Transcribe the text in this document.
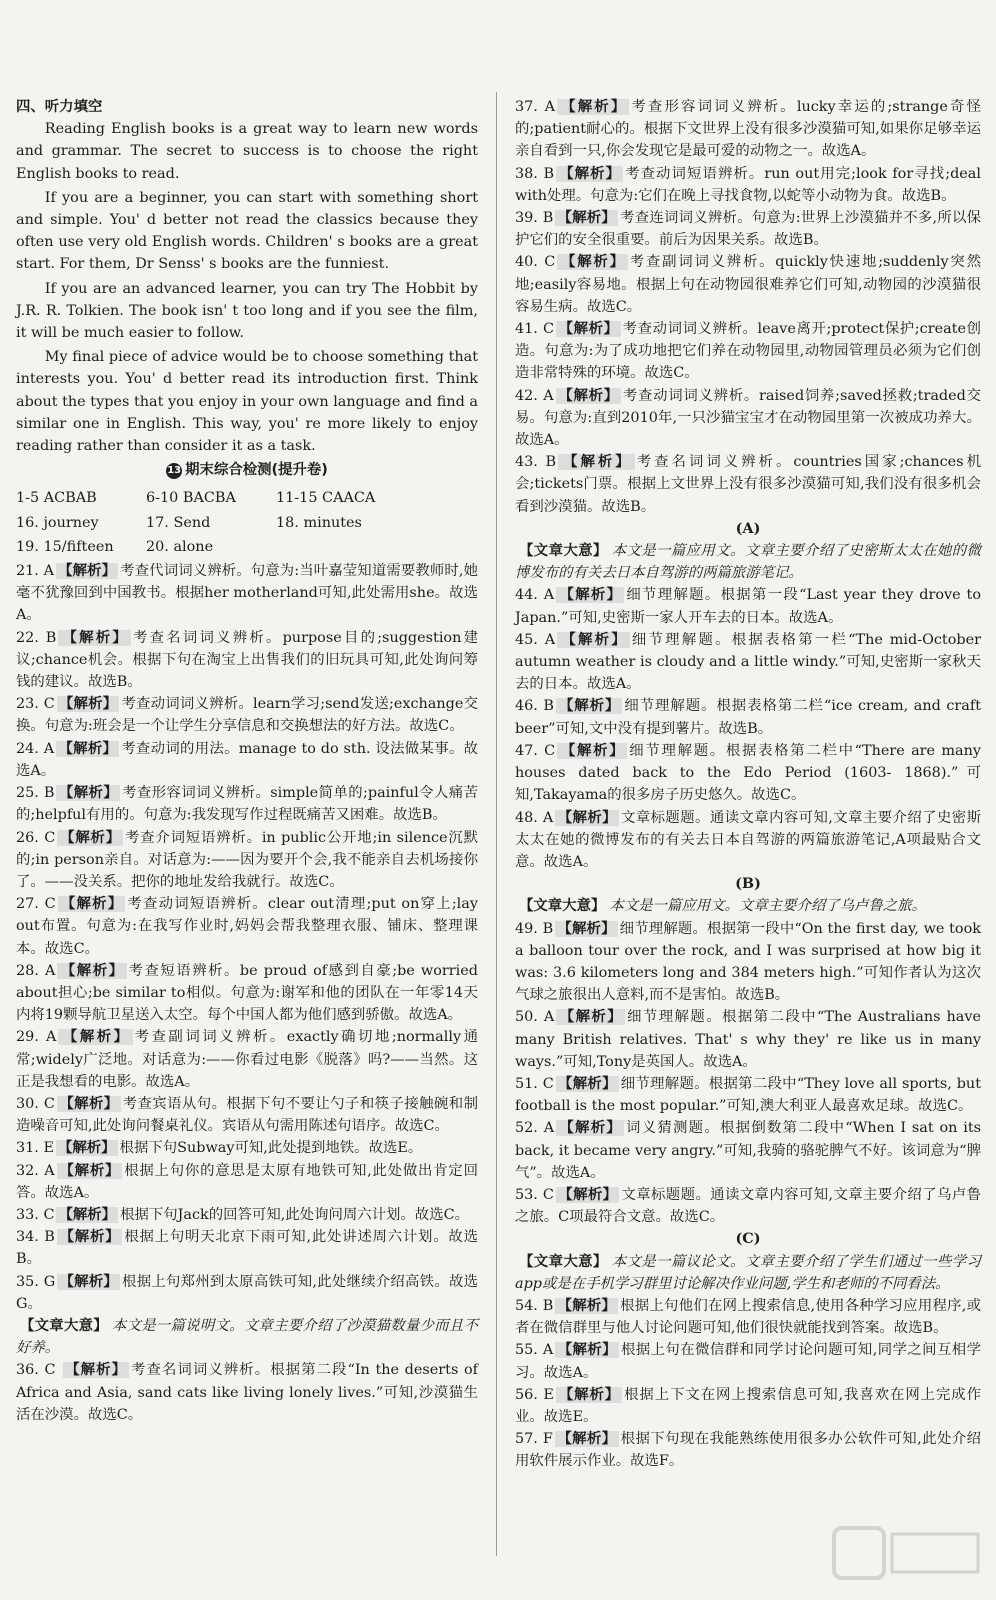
四、听力填空

Reading English books is a great way to learn new words and grammar. The secret to success is to choose the right English books to read.

If you are a beginner, you can start with something short and simple. You' d better not read the classics because they often use very old English words. Children' s books are a great start. For them, Dr Senss' s books are the funniest.

If you are an advanced learner, you can try The Hobbit by J.R. R. Tolkien. The book isn' t too long and if you see the film, it will be much easier to follow.

My final piece of advice would be to choose something that interests you. You' d better read its introduction first. Think about the types that you enjoy in your own language and find a similar one in English. This way, you' re more likely to enjoy reading rather than consider it as a task.

13 期末综合检测(提升卷)

1-5 ACBAB	6-10 BACBA	11-15 CAACA
16. journey	17. Send	18. minutes
19. 15/fifteen	20. alone

21. A 【解析】 考查代词词义辨析。句意为:当叶嘉莹知道需要教师时,她毫不犹豫回到中国教书。根据her motherland可知,此处需用she。故选A。

22. B 【解析】 考查名词词义辨析。purpose目的;suggestion建议;chance机会。根据下句在淘宝上出售我们的旧玩具可知,此处询问筹钱的建议。故选B。

23. C 【解析】 考查动词词义辨析。learn学习;send发送;exchange交换。句意为:班会是一个让学生分享信息和交换想法的好方法。故选C。

24. A 【解析】 考查动词的用法。manage to do sth. 设法做某事。故选A。

25. B 【解析】 考查形容词词义辨析。simple简单的;painful令人痛苦的;helpful有用的。句意为:我发现写作过程既痛苦又困难。故选B。

26. C 【解析】 考查介词短语辨析。in public公开地;in silence沉默的;in person亲自。对话意为:——因为要开个会,我不能亲自去机场接你了。——没关系。把你的地址发给我就行。故选C。

27. C 【解析】 考查动词短语辨析。clear out清理;put on穿上;lay out布置。句意为:在我写作业时,妈妈会帮我整理衣服、铺床、整理课本。故选C。

28. A 【解析】 考查短语辨析。be proud of感到自豪;be worried about担心;be similar to相似。句意为:谢军和他的团队在一年零14天内将19颗导航卫星送入太空。每个中国人都为他们感到骄傲。故选A。

29. A 【解析】 考查副词词义辨析。exactly确切地;normally通常;widely广泛地。对话意为:——你看过电影《脱落》吗?——当然。这正是我想看的电影。故选A。

30. C 【解析】 考查宾语从句。根据下句不要让勺子和筷子接触碗和制造噪音可知,此处询问餐桌礼仪。宾语从句需用陈述句语序。故选C。

31. E 【解析】 根据下句Subway可知,此处提到地铁。故选E。

32. A 【解析】 根据上句你的意思是太原有地铁可知,此处做出肯定回答。故选A。

33. C 【解析】 根据下句Jack的回答可知,此处询问周六计划。故选C。

34. B 【解析】 根据上句明天北京下雨可知,此处讲述周六计划。故选B。

35. G 【解析】 根据上句郑州到太原高铁可知,此处继续介绍高铁。故选G。

【文章大意】 本文是一篇说明文。文章主要介绍了沙漠猫数量少而且不好养。

36. C 【解析】 考查名词词义辨析。根据第二段“In the deserts of Africa and Asia, sand cats like living lonely lives.”可知,沙漠猫生活在沙漠。故选C。

37. A 【解析】 考查形容词词义辨析。lucky幸运的;strange奇怪的;patient耐心的。根据下文世界上没有很多沙漠猫可知,如果你足够幸运亲自看到一只,你会发现它是最可爱的动物之一。故选A。

38. B 【解析】 考查动词短语辨析。run out用完;look for寻找;deal with处理。句意为:它们在晚上寻找食物,以蛇等小动物为食。故选B。

39. B 【解析】 考查连词词义辨析。句意为:世界上沙漠猫并不多,所以保护它们的安全很重要。前后为因果关系。故选B。

40. C 【解析】 考查副词词义辨析。quickly快速地;suddenly突然地;easily容易地。根据上句在动物园很难养它们可知,动物园的沙漠猫很容易生病。故选C。

41. C 【解析】 考查动词词义辨析。leave离开;protect保护;create创造。句意为:为了成功地把它们养在动物园里,动物园管理员必须为它们创造非常特殊的环境。故选C。

42. A 【解析】 考查动词词义辨析。raised饲养;saved拯救;traded交易。句意为:直到2010年,一只沙猫宝宝才在动物园里第一次被成功养大。故选A。

43. B 【解析】 考查名词词义辨析。countries国家;chances机会;tickets门票。根据上文世界上没有很多沙漠猫可知,我们没有很多机会看到沙漠猫。故选B。

(A)

【文章大意】 本文是一篇应用文。文章主要介绍了史密斯太太在她的微博发布的有关去日本自驾游的两篇旅游笔记。

44. A 【解析】 细节理解题。根据第一段“Last year they drove to Japan.”可知,史密斯一家人开车去的日本。故选A。

45. A 【解析】 细节理解题。根据表格第一栏“The mid-October autumn weather is cloudy and a little windy.”可知,史密斯一家秋天去的日本。故选A。

46. B 【解析】 细节理解题。根据表格第二栏“ice cream, and craft beer”可知,文中没有提到薯片。故选B。

47. C 【解析】 细节理解题。根据表格第二栏中“There are many houses dated back to the Edo Period (1603- 1868).”可知,Takayama的很多房子历史悠久。故选C。

48. A 【解析】 文章标题题。通读文章内容可知,文章主要介绍了史密斯太太在她的微博发布的有关去日本自驾游的两篇旅游笔记,A项最贴合文意。故选A。

(B)

【文章大意】 本文是一篇应用文。文章主要介绍了乌卢鲁之旅。

49. B 【解析】 细节理解题。根据第一段中“On the first day, we took a balloon tour over the rock, and I was surprised at how big it was: 3.6 kilometers long and 384 meters high.”可知作者认为这次气球之旅很出人意料,而不是害怕。故选B。

50. A 【解析】 细节理解题。根据第二段中“The Australians have many British relatives. That' s why they' re like us in many ways.”可知,Tony是英国人。故选A。

51. C 【解析】 细节理解题。根据第二段中“They love all sports, but football is the most popular.”可知,澳大利亚人最喜欢足球。故选C。

52. A 【解析】 词义猜测题。根据倒数第二段中“When I sat on its back, it became very angry.”可知,我骑的骆驼脾气不好。该词意为“脾气”。故选A。

53. C 【解析】 文章标题题。通读文章内容可知,文章主要介绍了乌卢鲁之旅。C项最符合文意。故选C。

(C)

【文章大意】 本文是一篇议论文。文章主要介绍了学生们通过一些学习app或是在手机学习群里讨论解决作业问题,学生和老师的不同看法。

54. B 【解析】 根据上句他们在网上搜索信息,使用各种学习应用程序,或者在微信群里与他人讨论问题可知,他们很快就能找到答案。故选B。

55. A 【解析】 根据上句在微信群和同学讨论问题可知,同学之间互相学习。故选A。

56. E 【解析】 根据上下文在网上搜索信息可知,我喜欢在网上完成作业。故选E。

57. F 【解析】 根据下句现在我能熟练使用很多办公软件可知,此处介绍用软件展示作业。故选F。
